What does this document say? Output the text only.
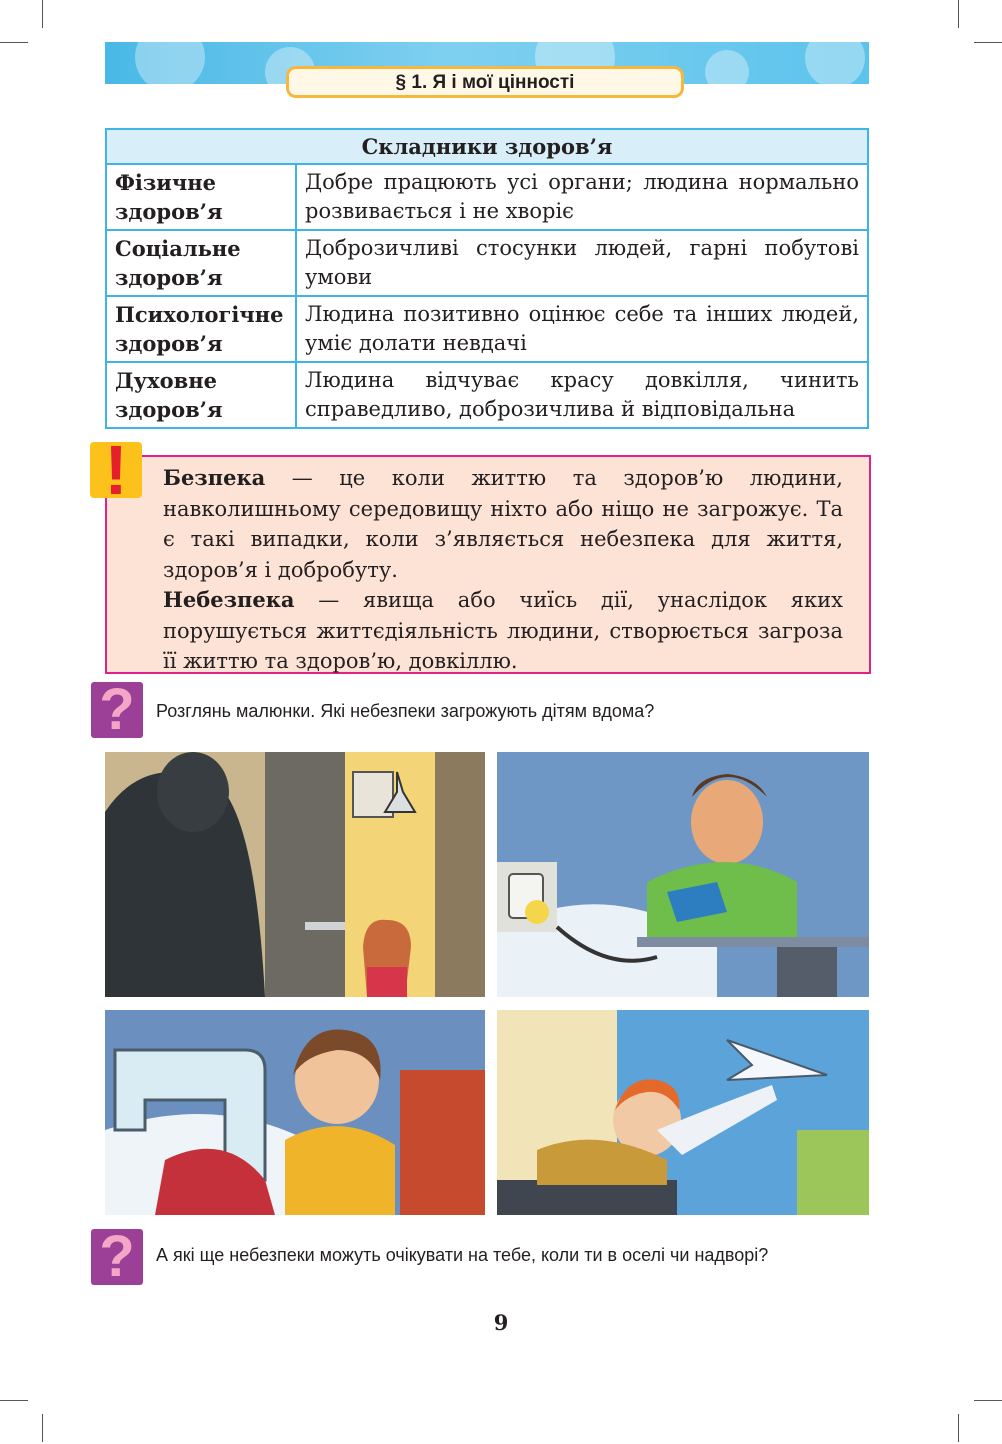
§ 1. Я і мої цінності
Складники здоров’я	
Фізичне здоров’я	Добре працюють усі органи; людина нормально розвивається і не хворіє
Соціальне здоров’я	Доброзичливі стосунки людей, гарні побутові умови
Психологічне здоров’я	Людина позитивно оцінює себе та інших людей, уміє долати невдачі
Духовне здоров’я	Людина відчуває красу довкілля, чинить справедливо, доброзичлива й відповідальна

Безпека — це коли життю та здоров’ю людини, навколишньому середовищу ніхто або ніщо не загрожує. Та є такі випадки, коли з’являється небезпека для життя, здоров’я і добробуту.

Небезпека — явища або чиїсь дії, унаслідок яких порушується життєдіяльність людини, створюється загроза її життю та здоров’ю, довкіллю.

!
?	Розглянь малюнки. Які небезпеки загрожують дітям вдома?
?	А які ще небезпеки можуть очікувати на тебе, коли ти в оселі чи надворі?
9
